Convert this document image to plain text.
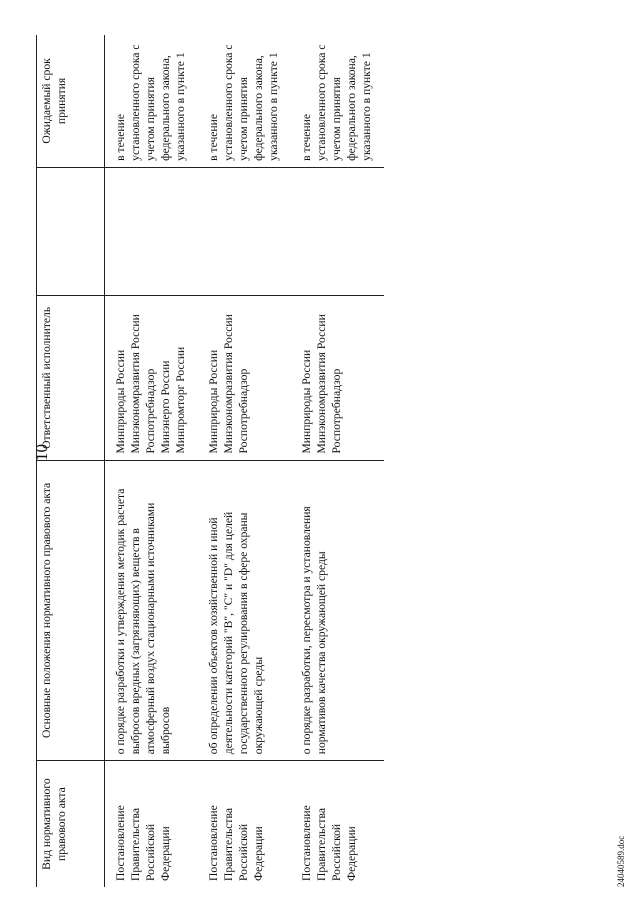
10
Вид нормативного правового акта	Основные положения нормативного правового акта	Ответственный исполнитель		Ожидаемый срок принятия
Постановление Правительства Российской Федерации	о порядке разработки и утверждения методик расчета выбросов вредных (загрязняющих) веществ в атмосферный воздух стационарными источниками выбросов	Минприроды России Минэкономразвития России Роспотребнадзор Минэнерго России Минпромторг России		в течение установленного срока с учетом принятия федерального закона, указанного в пункте 1
Постановление Правительства Российской Федерации	об определении объектов хозяйственной и иной деятельности категорий "В", "С" и "D" для целей государственного регулирования в сфере охраны окружающей среды	Минприроды России Минэкономразвития России Роспотребнадзор		в течение установленного срока с учетом принятия федерального закона, указанного в пункте 1
Постановление Правительства Российской Федерации	о порядке разработки, пересмотра и установления нормативов качества окружающей среды	Минприроды России Минэкономразвития России Роспотребнадзор		в течение установленного срока с учетом принятия федерального закона, указанного в пункте 1
24040589.doc
